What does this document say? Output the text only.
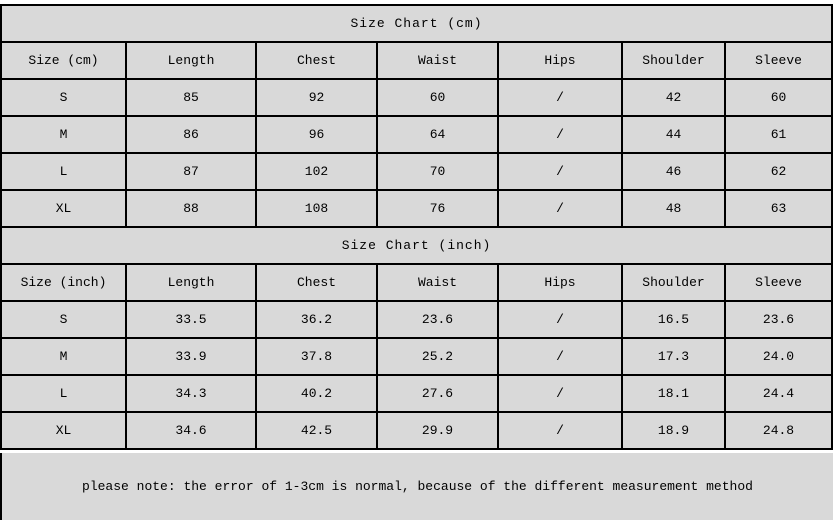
Size Chart (cm)						
Size (cm)	Length	Chest	Waist	Hips	Shoulder	Sleeve
S	85	92	60	/	42	60
M	86	96	64	/	44	61
L	87	102	70	/	46	62
XL	88	108	76	/	48	63
Size Chart (inch)						
Size (inch)	Length	Chest	Waist	Hips	Shoulder	Sleeve
S	33.5	36.2	23.6	/	16.5	23.6
M	33.9	37.8	25.2	/	17.3	24.0
L	34.3	40.2	27.6	/	18.1	24.4
XL	34.6	42.5	29.9	/	18.9	24.8
please note: the error of 1-3cm is normal, because of the different measurement method
